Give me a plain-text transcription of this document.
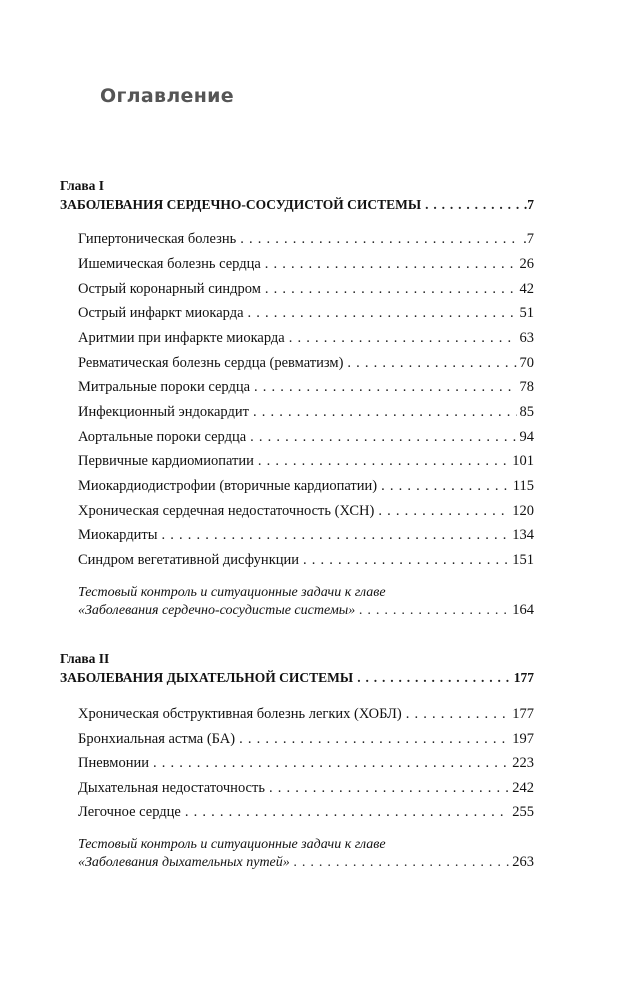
Оглавление
Глава I
ЗАБОЛЕВАНИЯ СЕРДЕЧНО-СОСУДИСТОЙ СИСТЕМЫ . . .	.7
Гипертоническая болезнь . . .	.7
Ишемическая болезнь сердца . . .	26
Острый коронарный синдром . . .	42
Острый инфаркт миокарда . . .	51
Аритмии при инфаркте миокарда . . .	63
Ревматическая болезнь сердца (ревматизм) . . .	70
Митральные пороки сердца . . .	78
Инфекционный эндокардит . . .	85
Аортальные пороки сердца . . .	94
Первичные кардиомиопатии . . .	101
Миокардиодистрофии (вторичные кардиопатии) . . .	115
Хроническая сердечная недостаточность (ХСН) . . .	120
Миокардиты . . .	134
Синдром вегетативной дисфункции . . .	151
Тестовый контроль и ситуационные задачи к главе
«Заболевания сердечно-сосудистые системы» . . .	164
Глава II
ЗАБОЛЕВАНИЯ ДЫХАТЕЛЬНОЙ СИСТЕМЫ . . .	177
Хроническая обструктивная болезнь легких (ХОБЛ) . . .	177
Бронхиальная астма (БА) . . .	197
Пневмонии . . .	223
Дыхательная недостаточность . . .	242
Легочное сердце . . .	255
Тестовый контроль и ситуационные задачи к главе
«Заболевания дыхательных путей» . . .	263
